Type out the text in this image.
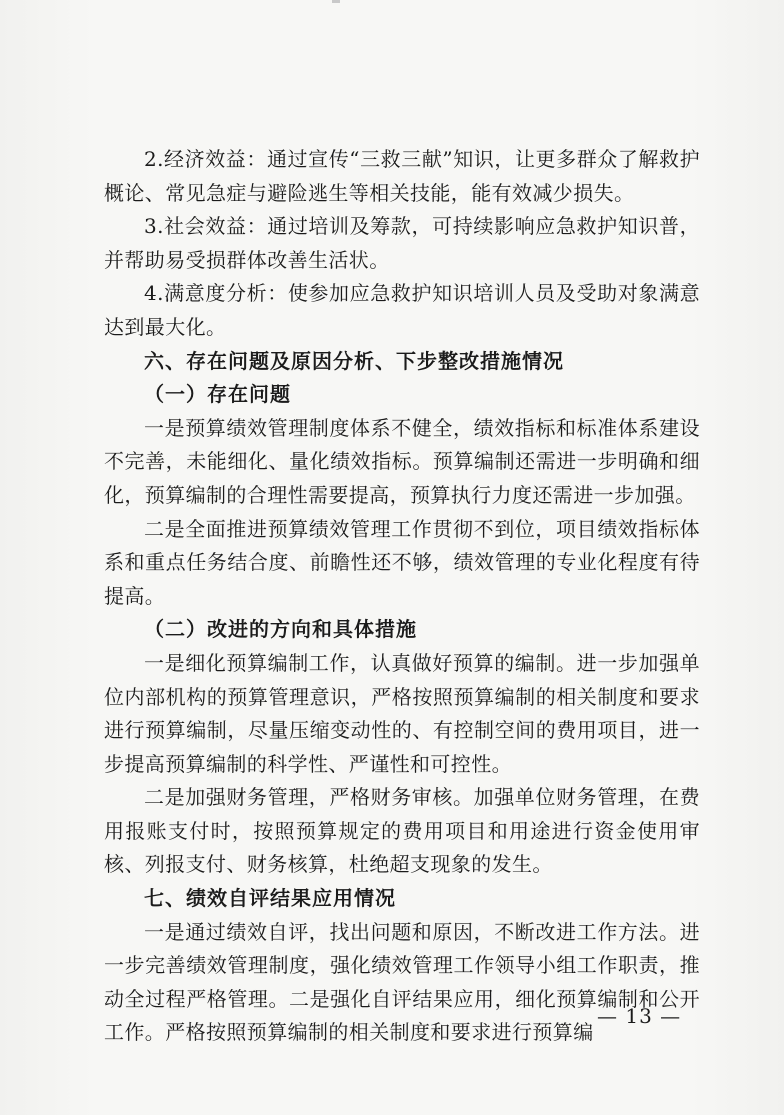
2.经济效益：通过宣传“三救三献”知识，让更多群众了解救护概论、常见急症与避险逃生等相关技能，能有效减少损失。

3.社会效益：通过培训及筹款，可持续影响应急救护知识普，并帮助易受损群体改善生活状。

4.满意度分析：使参加应急救护知识培训人员及受助对象满意达到最大化。

六、存在问题及原因分析、下步整改措施情况

（一）存在问题

一是预算绩效管理制度体系不健全，绩效指标和标准体系建设不完善，未能细化、量化绩效指标。预算编制还需进一步明确和细化，预算编制的合理性需要提高，预算执行力度还需进一步加强。

二是全面推进预算绩效管理工作贯彻不到位，项目绩效指标体系和重点任务结合度、前瞻性还不够，绩效管理的专业化程度有待提高。

（二）改进的方向和具体措施

一是细化预算编制工作，认真做好预算的编制。进一步加强单位内部机构的预算管理意识，严格按照预算编制的相关制度和要求进行预算编制，尽量压缩变动性的、有控制空间的费用项目，进一步提高预算编制的科学性、严谨性和可控性。

二是加强财务管理，严格财务审核。加强单位财务管理，在费用报账支付时，按照预算规定的费用项目和用途进行资金使用审核、列报支付、财务核算，杜绝超支现象的发生。

七、绩效自评结果应用情况

一是通过绩效自评，找出问题和原因，不断改进工作方法。进一步完善绩效管理制度，强化绩效管理工作领导小组工作职责，推动全过程严格管理。二是强化自评结果应用，细化预算编制和公开工作。严格按照预算编制的相关制度和要求进行预算编

— 13 —
